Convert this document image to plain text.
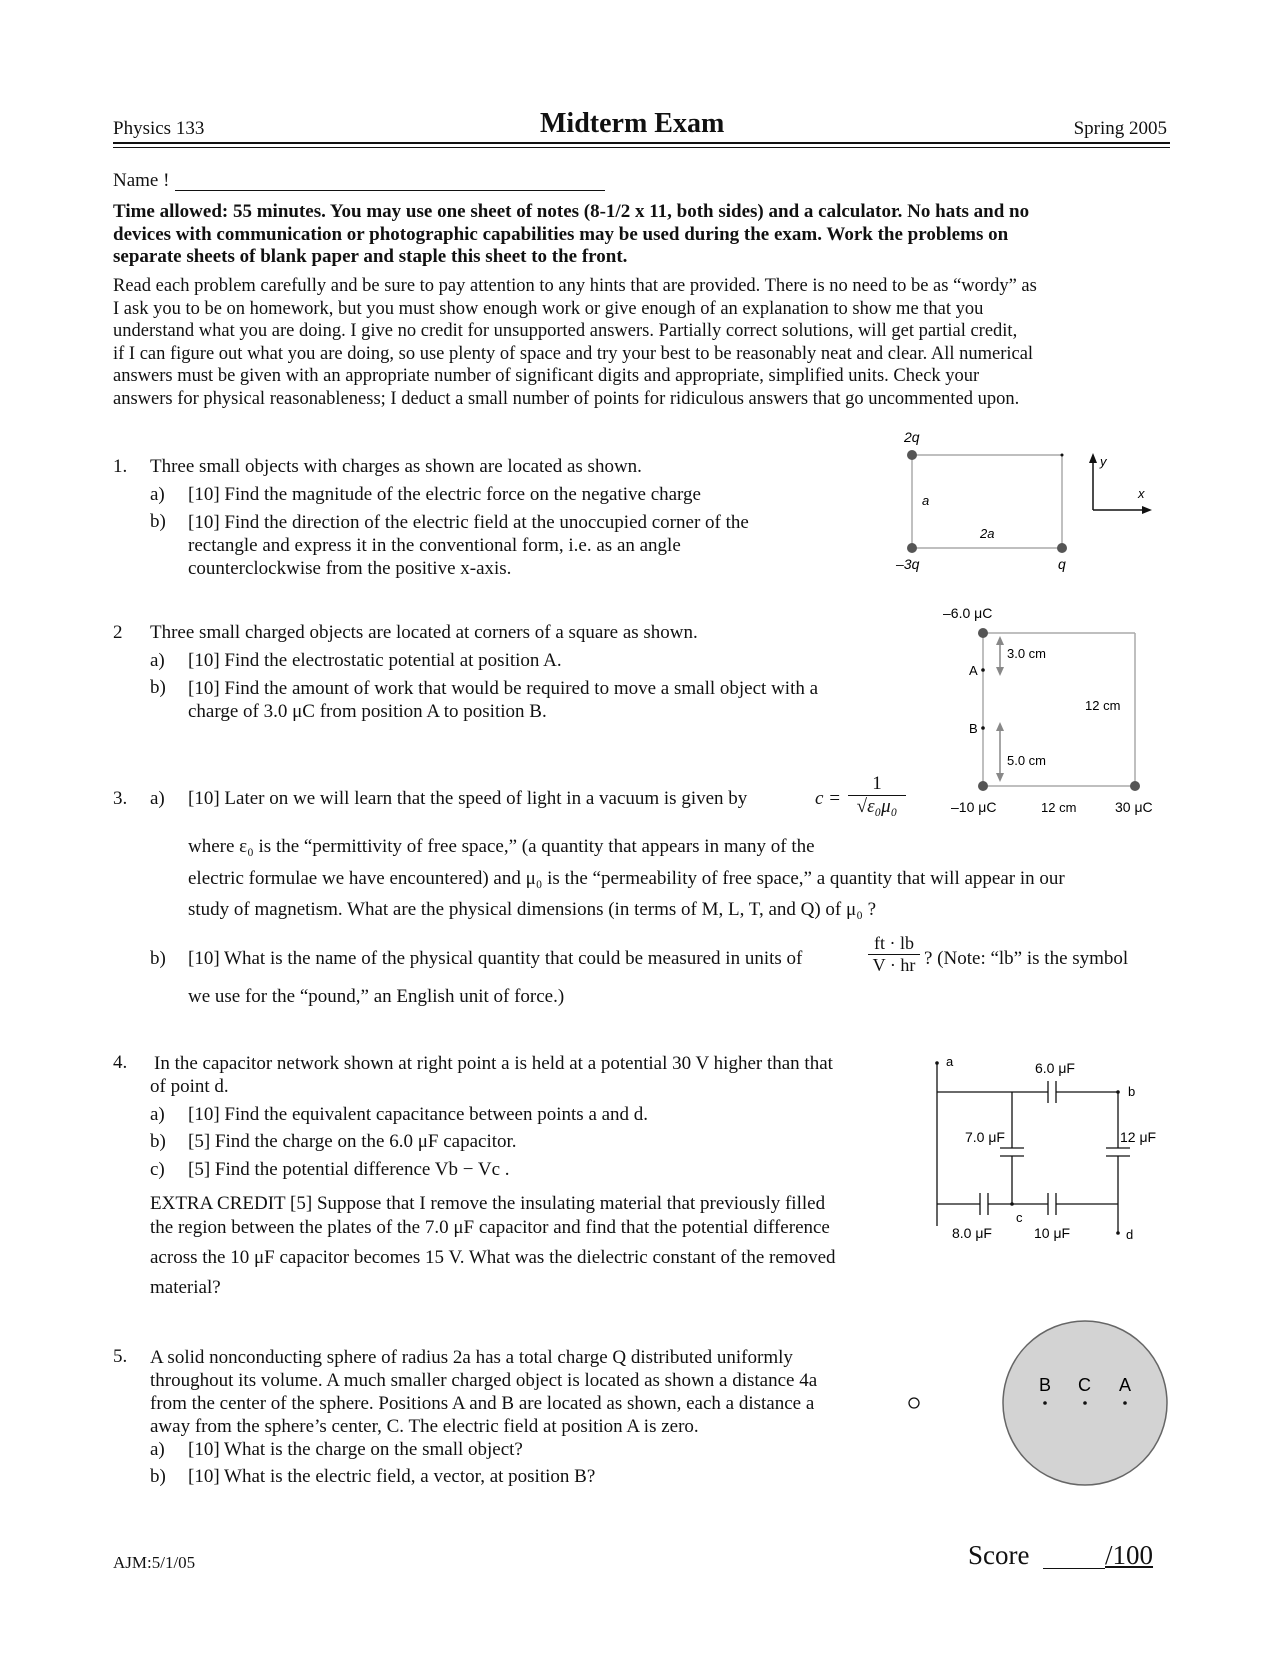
Physics 133	Midterm Exam	Spring 2005
Name !
Time allowed: 55 minutes. You may use one sheet of notes (8-1/2 x 11, both sides) and a calculator. No hats and no
devices with communication or photographic capabilities may be used during the exam. Work the problems on
separate sheets of blank paper and staple this sheet to the front.
Read each problem carefully and be sure to pay attention to any hints that are provided. There is no need to be as “wordy” as
I ask you to be on homework, but you must show enough work or give enough of an explanation to show me that you
understand what you are doing. I give no credit for unsupported answers. Partially correct solutions, will get partial credit,
if I can figure out what you are doing, so use plenty of space and try your best to be reasonably neat and clear. All numerical
answers must be given with an appropriate number of significant digits and appropriate, simplified units. Check your
answers for physical reasonableness; I deduct a small number of points for ridiculous answers that go uncommented upon.
1. Three small objects with charges as shown are located as shown.
a) [10] Find the magnitude of the electric force on the negative charge
b) [10] Find the direction of the electric field at the unoccupied corner of the
rectangle and express it in the conventional form, i.e. as an angle
counterclockwise from the positive x-axis.
2q
a
2a
–3q	q
y
x
2 Three small charged objects are located at corners of a square as shown.
a) [10] Find the electrostatic potential at position A.
b) [10] Find the amount of work that would be required to move a small object with a
charge of 3.0 μC from position A to position B.
–6.0 μC
3.0 cm
A
B
12 cm
5.0 cm
–10 μC	12 cm	30 μC
3. a) [10] Later on we will learn that the speed of light in a vacuum is given by	c =
1
√ε₀μ₀
where ε₀ is the “permittivity of free space,” (a quantity that appears in many of the
electric formulae we have encountered) and μ₀ is the “permeability of free space,” a quantity that will appear in our
study of magnetism. What are the physical dimensions (in terms of M, L, T, and Q) of μ₀ ?
b) [10] What is the name of the physical quantity that could be measured in units of
ft · lb
V · hr ? (Note: “lb” is the symbol
we use for the “pound,” an English unit of force.)
4. In the capacitor network shown at right point a is held at a potential 30 V higher than that
of point d.
a) [10] Find the equivalent capacitance between points a and d.
b) [5] Find the charge on the 6.0 μF capacitor.
c) [5] Find the potential difference Vb − Vc .
EXTRA CREDIT [5] Suppose that I remove the insulating material that previously filled
the region between the plates of the 7.0 μF capacitor and find that the potential difference
across the 10 μF capacitor becomes 15 V. What was the dielectric constant of the removed
material?
a	6.0 μF
b
7.0 μF	12 μF
c
8.0 μF	10 μF	d
5. A solid nonconducting sphere of radius 2a has a total charge Q distributed uniformly
throughout its volume. A much smaller charged object is located as shown a distance 4a
from the center of the sphere. Positions A and B are located as shown, each a distance a
away from the sphere’s center, C. The electric field at position A is zero.
a) [10] What is the charge on the small object?
b) [10] What is the electric field, a vector, at position B?
B C A
AJM:5/1/05	Score	/100
